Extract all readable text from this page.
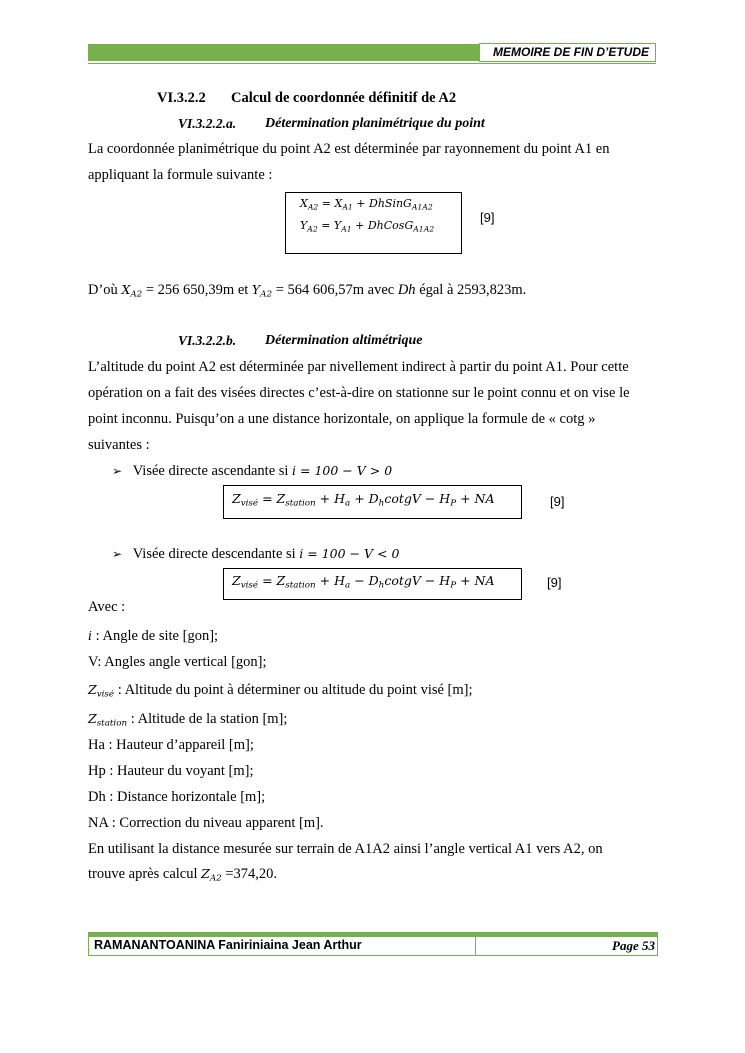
MEMOIRE DE FIN D’ETUDE
VI.3.2.2 Calcul de coordonnée définitif de A2
VI.3.2.2.a. Détermination planimétrique du point
La coordonnée planimétrique du point A2 est déterminée par rayonnement du point A1 en
appliquant la formule suivante :
$X_{A2} = X_{A1}$ + DhSinG$_{A1A2}$
$Y_{A2} = Y_{A1}$ + DhCosG$_{A1A2}$
[9]
D’où $X_{A2} = 256$ 650,39m et $Y_{A2} = 564$ 606,57m avec Dh égal à 2593,823m.
VI.3.2.2.b. Détermination altimétrique
L’altitude du point A2 est déterminée par nivellement indirect à partir du point A1. Pour cette
opération on a fait des visées directes c’est-à-dire on stationne sur le point connu et on vise le
point inconnu. Puisqu’on a une distance horizontale, on applique la formule de « cotg »
suivantes :
➢ Visée directe ascendante si i = 100 − V > 0
$Z_{visé} = Z_{station} + H_a$ + $D_hcotgV - H_P$ + NA	[9]
➢ Visée directe descendante si i = 100 − V < 0
$Z_{visé} = Z_{station} + H_a$ − $D_hcotgV - H_P$ + NA	[9]
Avec :
i : Angle de site [gon];
V: Angles angle vertical [gon];
$Z_{visé}$ : Altitude du point à déterminer ou altitude du point visé [m];
$Z_{station}$ : Altitude de la station [m];
Ha : Hauteur d’appareil [m];
Hp : Hauteur du voyant [m];
Dh : Distance horizontale [m];
NA : Correction du niveau apparent [m].
En utilisant la distance mesurée sur terrain de A1A2 ainsi l’angle vertical A1 vers A2, on
trouve après calcul $Z_{A2} =374,20$.
RAMANANTOANINA Faniriniaina Jean Arthur	Page 53
